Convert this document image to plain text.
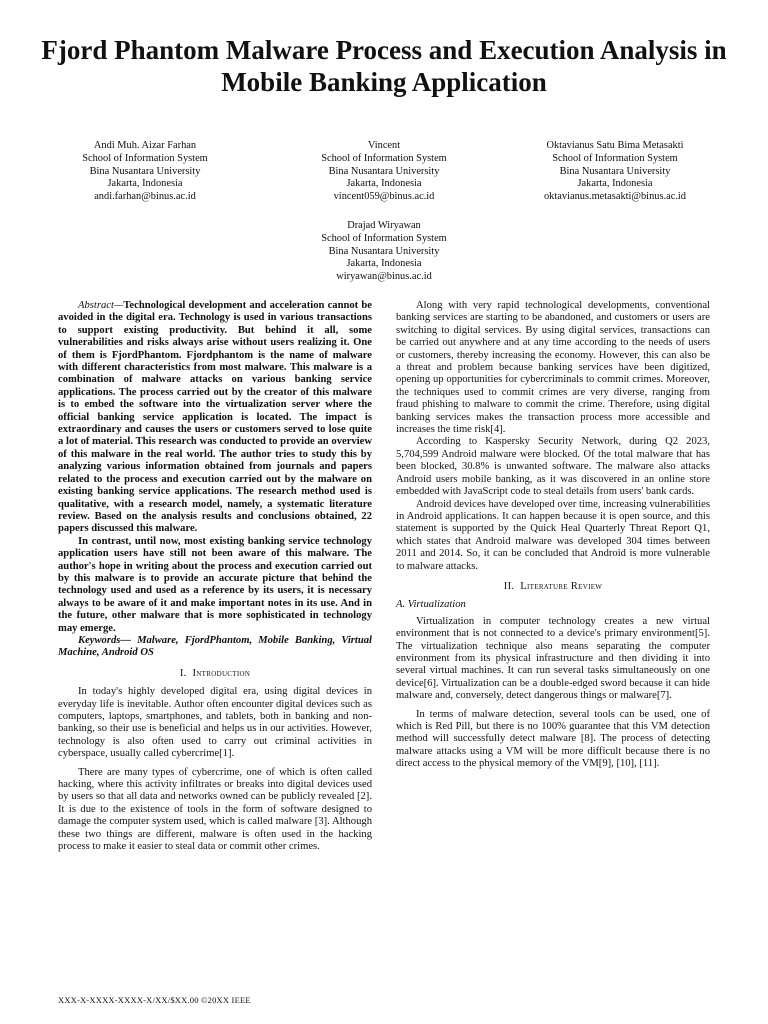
Fjord Phantom Malware Process and Execution Analysis in Mobile Banking Application
Andi Muh. Aizar Farhan
School of Information System
Bina Nusantara University
Jakarta, Indonesia
andi.farhan@binus.ac.id
Vincent
School of Information System
Bina Nusantara University
Jakarta, Indonesia
vincent059@binus.ac.id
Oktavianus Satu Bima Metasakti
School of Information System
Bina Nusantara University
Jakarta, Indonesia
oktavianus.metasakti@binus.ac.id
Drajad Wiryawan
School of Information System
Bina Nusantara University
Jakarta, Indonesia
wiryawan@binus.ac.id

Abstract—Technological development and acceleration cannot be avoided in the digital era. Technology is used in various transactions to support existing productivity. But behind it all, some vulnerabilities and risks always arise without users realizing it. One of them is FjordPhantom. Fjordphantom is the name of malware with different characteristics from most malware. This malware is a combination of malware attacks on various banking service applications. The process carried out by the creator of this malware is to embed the software into the virtualization server where the official banking service application is located. The impact is extraordinary and causes the users or customers served to lose quite a lot of material. This research was conducted to provide an overview of this malware in the real world. The author tries to study this by analyzing various information obtained from journals and papers related to the process and execution carried out by the malware on existing banking service applications. The research method used is qualitative, with a research model, namely, a systematic literature review. Based on the analysis results and conclusions obtained, 22 papers discussed this malware.

In contrast, until now, most existing banking service technology application users have still not been aware of this malware. The author's hope in writing about the process and execution carried out by this malware is to provide an accurate picture that behind the technology used and used as a reference by its users, it is necessary always to be aware of it and make important notes in its use. And in the future, other malware that is more sophisticated in technology may emerge.

Keywords— Malware, FjordPhantom, Mobile Banking, Virtual Machine, Android OS

I. Introduction

In today's highly developed digital era, using digital devices in everyday life is inevitable. Author often encounter digital devices such as computers, laptops, smartphones, and tablets, both in banking and non-banking, so their use is beneficial and helps us in our activities. However, technology is also often used to carry out criminal activities in cyberspace, usually called cybercrime[1].

There are many types of cybercrime, one of which is often called hacking, where this activity infiltrates or breaks into digital devices used by users so that all data and networks owned can be publicly revealed [2]. It is due to the existence of tools in the form of software designed to damage the computer system used, which is called malware [3]. Although these two things are different, malware is often used in the hacking process to make it easier to steal data or commit other crimes.

Along with very rapid technological developments, conventional banking services are starting to be abandoned, and customers or users are switching to digital services. By using digital services, transactions can be carried out anywhere and at any time according to the needs of users or customers, thereby increasing the economy. However, this can also be a threat and problem because banking services have been digitized, opening up opportunities for cybercriminals to commit crimes. Moreover, the techniques used to commit crimes are very diverse, ranging from fraud phishing to malware to commit the crime. Therefore, using digital banking services makes the transaction process more accessible and increases the time risk[4].

According to Kaspersky Security Network, during Q2 2023, 5,704,599 Android malware were blocked. Of the total malware that has been blocked, 30.8% is unwanted software. The malware also attacks Android users mobile banking, as it was discovered in an online store embedded with JavaScript code to steal details from users' bank cards.

Android devices have developed over time, increasing vulnerabilities in Android applications. It can happen because it is open source, and this statement is supported by the Quick Heal Quarterly Threat Report Q1, which states that Android malware was developed 304 times between 2011 and 2014. So, it can be concluded that Android is more vulnerable to malware attacks.

II. Literature Review
A. Virtualization

Virtualization in computer technology creates a new virtual environment that is not connected to a device's primary environment[5]. The virtualization technique also means separating the computer environment from its physical infrastructure and then dividing it into several virtual machines. It can run several tasks simultaneously on one device[6]. Virtualization can be a double-edged sword because it can hide malware and, conversely, detect dangerous things or malware[7].

In terms of malware detection, several tools can be used, one of which is Red Pill, but there is no 100% guarantee that this VM detection method will successfully detect malware [8]. The process of detecting malware attacks using a VM will be more difficult because there is no direct access to the physical memory of the VM[9], [10], [11].

XXX-X-XXXX-XXXX-X/XX/$XX.00 ©20XX IEEE
